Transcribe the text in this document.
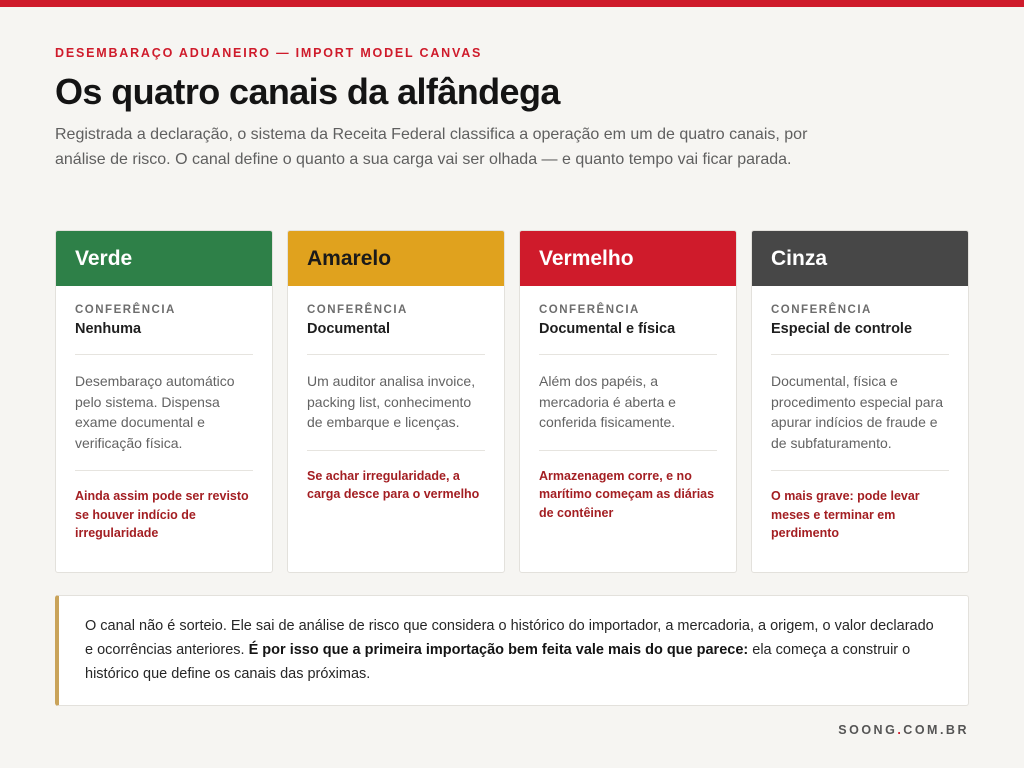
DESEMBARAÇO ADUANEIRO — IMPORT MODEL CANVAS
Os quatro canais da alfândega

Registrada a declaração, o sistema da Receita Federal classifica a operação em um de quatro canais, por análise de risco. O canal define o quanto a sua carga vai ser olhada — e quanto tempo vai ficar parada.

Verde
CONFERÊNCIA
Nenhuma
Desembaraço automático pelo sistema. Dispensa exame documental e verificação física.
Ainda assim pode ser revisto se houver indício de irregularidade
Amarelo
CONFERÊNCIA
Documental
Um auditor analisa invoice, packing list, conhecimento de embarque e licenças.
Se achar irregularidade, a carga desce para o vermelho
Vermelho
CONFERÊNCIA
Documental e física
Além dos papéis, a mercadoria é aberta e conferida fisicamente.
Armazenagem corre, e no marítimo começam as diárias de contêiner
Cinza
CONFERÊNCIA
Especial de controle
Documental, física e procedimento especial para apurar indícios de fraude e de subfaturamento.
O mais grave: pode levar meses e terminar em perdimento
O canal não é sorteio. Ele sai de análise de risco que considera o histórico do importador, a mercadoria, a origem, o valor declarado e ocorrências anteriores. É por isso que a primeira importação bem feita vale mais do que parece: ela começa a construir o histórico que define os canais das próximas.
SOONG.COM.BR
